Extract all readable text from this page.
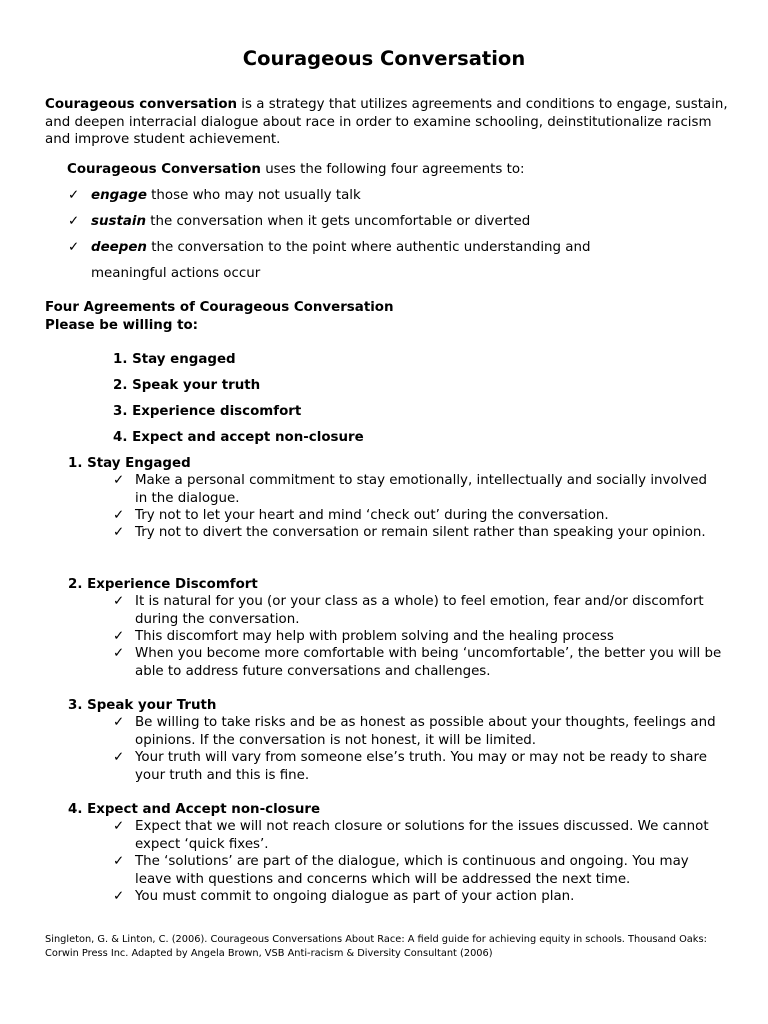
Courageous Conversation
Courageous conversation is a strategy that utilizes agreements and conditions to engage, sustain, and deepen interracial dialogue about race in order to examine schooling, deinstitutionalize racism and improve student achievement.
Courageous Conversation uses the following four agreements to:
✓ engage those who may not usually talk
✓ sustain the conversation when it gets uncomfortable or diverted
✓ deepen the conversation to the point where authentic understanding and
meaningful actions occur
Four Agreements of Courageous Conversation
Please be willing to:
1. Stay engaged
2. Speak your truth
3. Experience discomfort
4. Expect and accept non-closure
1. Stay Engaged
✓ Make a personal commitment to stay emotionally, intellectually and socially involved in the dialogue.
✓ Try not to let your heart and mind ‘check out’ during the conversation.
✓ Try not to divert the conversation or remain silent rather than speaking your opinion.
2. Experience Discomfort
✓ It is natural for you (or your class as a whole) to feel emotion, fear and/or discomfort during the conversation.
✓ This discomfort may help with problem solving and the healing process
✓ When you become more comfortable with being ‘uncomfortable’, the better you will be able to address future conversations and challenges.
3. Speak your Truth
✓ Be willing to take risks and be as honest as possible about your thoughts, feelings and opinions. If the conversation is not honest, it will be limited.
✓ Your truth will vary from someone else’s truth. You may or may not be ready to share your truth and this is fine.
4. Expect and Accept non-closure
✓ Expect that we will not reach closure or solutions for the issues discussed. We cannot expect ‘quick fixes’.
✓ The ‘solutions’ are part of the dialogue, which is continuous and ongoing. You may leave with questions and concerns which will be addressed the next time.
✓ You must commit to ongoing dialogue as part of your action plan.
Singleton, G. & Linton, C. (2006). Courageous Conversations About Race: A field guide for achieving equity in schools. Thousand Oaks: Corwin Press Inc. Adapted by Angela Brown, VSB Anti-racism & Diversity Consultant (2006)
